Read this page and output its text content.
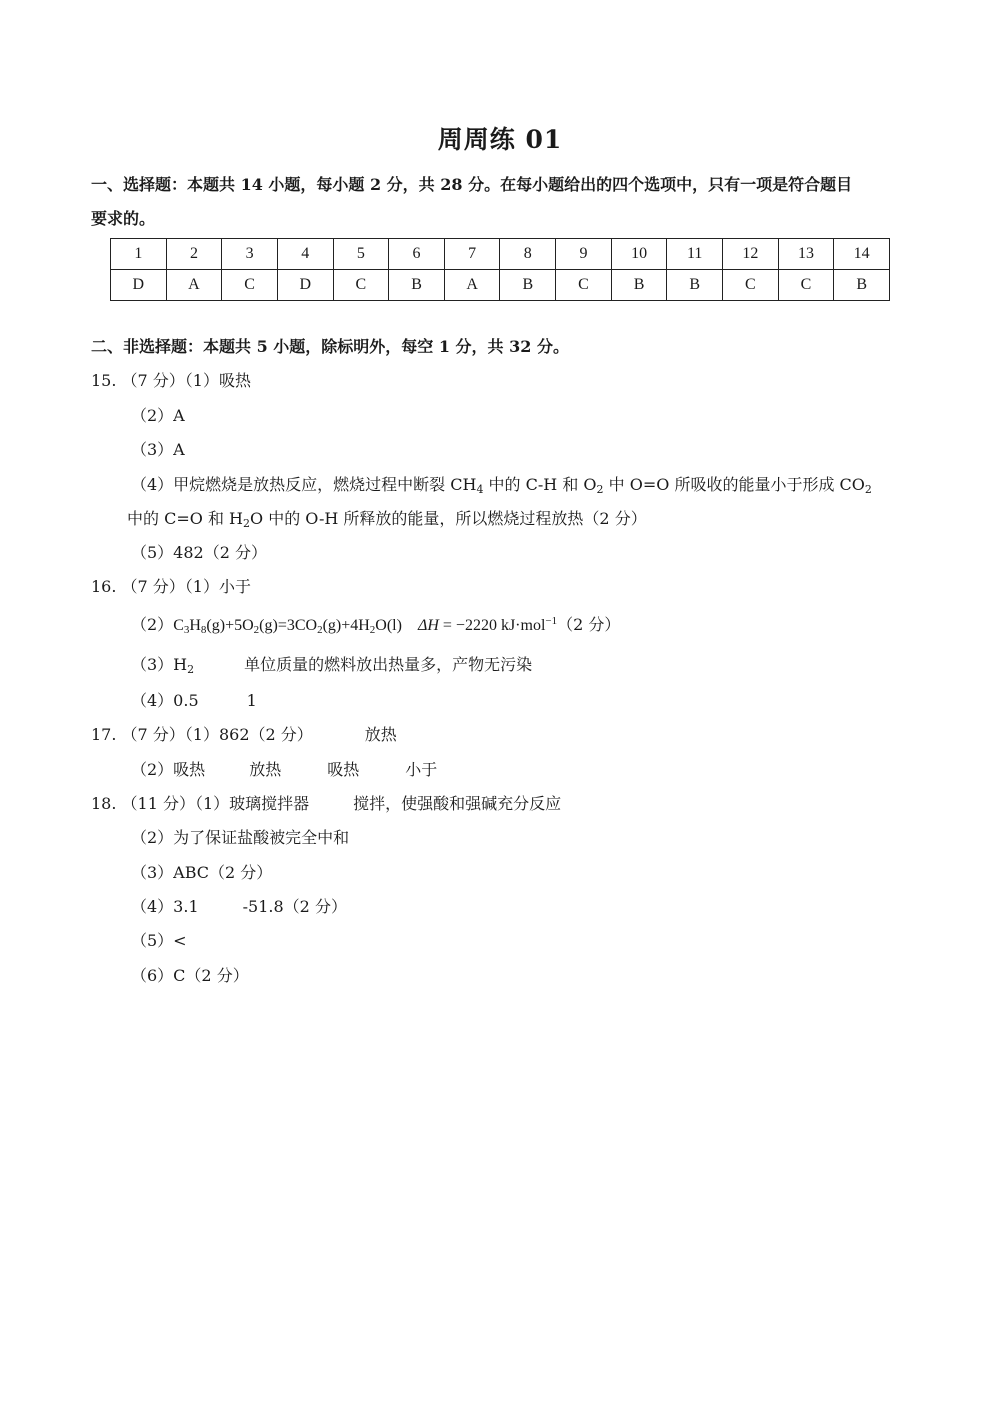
周周练 01
一、选择题：本题共 14 小题，每小题 2 分，共 28 分。在每小题给出的四个选项中，只有一项是符合题目
要求的。
1	2	3	4	5	6	7	8	9	10	11	12	13	14
D	A	C	D	C	B	A	B	C	B	B	C	C	B
二、非选择题：本题共 5 小题，除标明外，每空 1 分，共 32 分。
15. （7 分）（1）吸热
（2）A
（3）A
（4）甲烷燃烧是放热反应，燃烧过程中断裂 $CH_4$ 中的 C-H 和 $O_2$ 中 O=O 所吸收的能量小于形成 $CO_2$
中的 C=O 和 $H_2O$ 中的 O-H 所释放的能量，所以燃烧过程放热（2 分）
（5）482（2 分）
16. （7 分）（1）小于
$(2)C_3H_8(g)+5O_2(g)=3CO_2(g)+4H_2O(l) \Delta H = -2220$ kJ·mol$^{-1}$（2 分）
$(3)H_2$	单位质量的燃料放出热量多，产物无污染
（4）0.5	1
17. （7 分）（1）862（2 分）	放热
（2）吸热	放热	吸热	小于
18. （11 分）（1）玻璃搅拌器	搅拌，使强酸和强碱充分反应
（2）为了保证盐酸被完全中和
（3）ABC（2 分）
（4）3.1	-51.8（2 分）
（5）<
（6）C（2 分）
